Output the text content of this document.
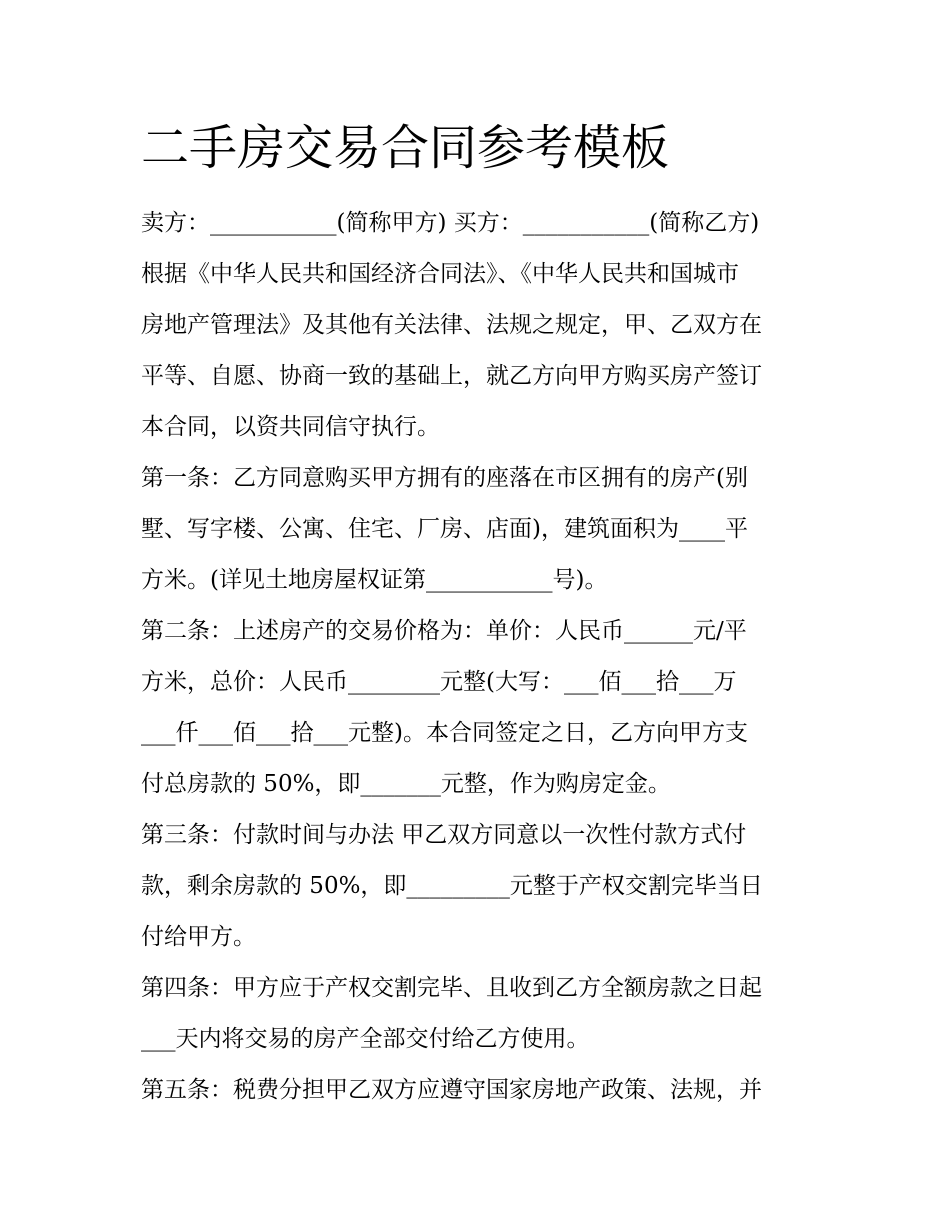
二手房交易合同参考模板
卖方：___________(简称甲方) 买方：___________(简称乙方)
根据《中华人民共和国经济合同法》、《中华人民共和国城市
房地产管理法》及其他有关法律、法规之规定，甲、乙双方在
平等、自愿、协商一致的基础上，就乙方向甲方购买房产签订
本合同，以资共同信守执行。
第一条：乙方同意购买甲方拥有的座落在市区拥有的房产(别
墅、写字楼、公寓、住宅、厂房、店面)，建筑面积为____平
方米。(详见土地房屋权证第___________号)。
第二条：上述房产的交易价格为：单价：人民币______元/平
方米，总价：人民币________元整(大写：___佰___拾___万
___仟___佰___拾___元整)。本合同签定之日，乙方向甲方支
付总房款的 50%，即_______元整，作为购房定金。
第三条：付款时间与办法 甲乙双方同意以一次性付款方式付
款，剩余房款的 50%，即_________元整于产权交割完毕当日
付给甲方。
第四条：甲方应于产权交割完毕、且收到乙方全额房款之日起
___天内将交易的房产全部交付给乙方使用。
第五条：税费分担甲乙双方应遵守国家房地产政策、法规，并
